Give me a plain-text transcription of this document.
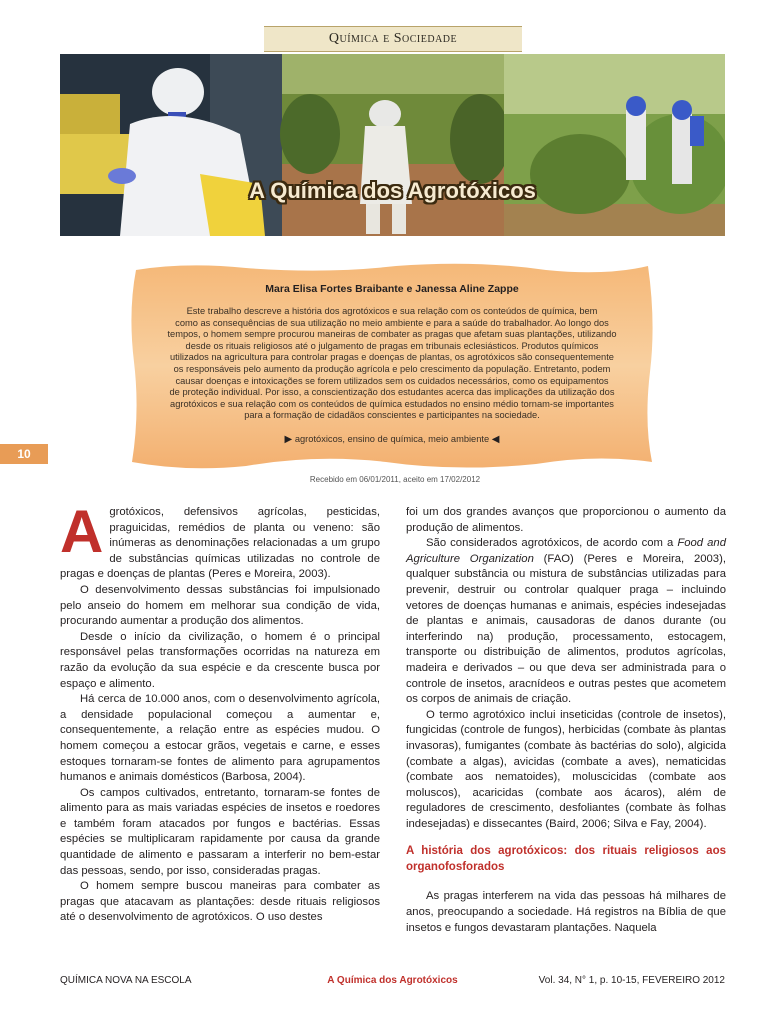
Química e Sociedade
A Química dos Agrotóxicos
Mara Elisa Fortes Braibante e Janessa Aline Zappe
Este trabalho descreve a história dos agrotóxicos e sua relação com os conteúdos de química, bem
como as consequências de sua utilização no meio ambiente e para a saúde do trabalhador. Ao longo dos
tempos, o homem sempre procurou maneiras de combater as pragas que afetam suas plantações, utilizando
desde os rituais religiosos até o julgamento de pragas em tribunais eclesiásticos. Produtos químicos
utilizados na agricultura para controlar pragas e doenças de plantas, os agrotóxicos são consequentemente
os responsáveis pelo aumento da produção agrícola e pelo crescimento da população. Entretanto, podem
causar doenças e intoxicações se forem utilizados sem os cuidados necessários, como os equipamentos
de proteção individual. Por isso, a conscientização dos estudantes acerca das implicações da utilização dos
agrotóxicos e sua relação com os conteúdos de química estudados no ensino médio tornam-se importantes
para a formação de cidadãos conscientes e participantes na sociedade.
▶ agrotóxicos, ensino de química, meio ambiente ◀
10
Recebido em 06/01/2011, aceito em 17/02/2012

Agrotóxicos, defensivos agrícolas, pesticidas, praguicidas, remédios de planta ou veneno: são inúmeras as denominações relacionadas a um grupo de substâncias químicas utilizadas no controle de pragas e doenças de plantas (Peres e Moreira, 2003).

O desenvolvimento dessas substâncias foi impulsionado pelo anseio do homem em melhorar sua condição de vida, procurando aumentar a produção dos alimentos.

Desde o início da civilização, o homem é o principal responsável pelas transformações ocorridas na natureza em razão da evolução da sua espécie e da crescente busca por espaço e alimento.

Há cerca de 10.000 anos, com o desenvolvimento agrícola, a densidade populacional começou a aumentar e, consequentemente, a relação entre as espécies mudou. O homem começou a estocar grãos, vegetais e carne, e esses estoques tornaram-se fontes de alimento para agrupamentos humanos e animais domésticos (Barbosa, 2004).

Os campos cultivados, entretanto, tornaram-se fontes de alimento para as mais variadas espécies de insetos e roedores e também foram atacados por fungos e bactérias. Essas espécies se multiplicaram rapidamente por causa da grande quantidade de alimento e passaram a interferir no bem-estar das pessoas, sendo, por isso, consideradas pragas.

O homem sempre buscou maneiras para combater as pragas que atacavam as plantações: desde rituais religiosos até o desenvolvimento de agrotóxicos. O uso destes

foi um dos grandes avanços que proporcionou o aumento da produção de alimentos.

São considerados agrotóxicos, de acordo com a Food and Agriculture Organization (FAO) (Peres e Moreira, 2003), qualquer substância ou mistura de substâncias utilizadas para prevenir, destruir ou controlar qualquer praga – incluindo vetores de doenças humanas e animais, espécies indesejadas de plantas e animais, causadoras de danos durante (ou interferindo na) produção, processamento, estocagem, transporte ou distribuição de alimentos, produtos agrícolas, madeira e derivados – ou que deva ser administrada para o controle de insetos, aracnídeos e outras pestes que acometem os corpos de animais de criação.

O termo agrotóxico inclui inseticidas (controle de insetos), fungicidas (controle de fungos), herbicidas (combate às plantas invasoras), fumigantes (combate às bactérias do solo), algicida (combate a algas), avicidas (combate a aves), nematicidas (combate aos nematoides), moluscicidas (combate aos moluscos), acaricidas (combate aos ácaros), além de reguladores de crescimento, desfoliantes (combate às folhas indesejadas) e dissecantes (Baird, 2006; Silva e Fay, 2004).

A história dos agrotóxicos: dos rituais religiosos aos organofosforados

As pragas interferem na vida das pessoas há milhares de anos, preocupando a sociedade. Há registros na Bíblia de que insetos e fungos devastaram plantações. Naquela

QUÍMICA NOVA NA ESCOLA	A Química dos Agrotóxicos	Vol. 34, N° 1, p. 10-15, FEVEREIRO 2012
